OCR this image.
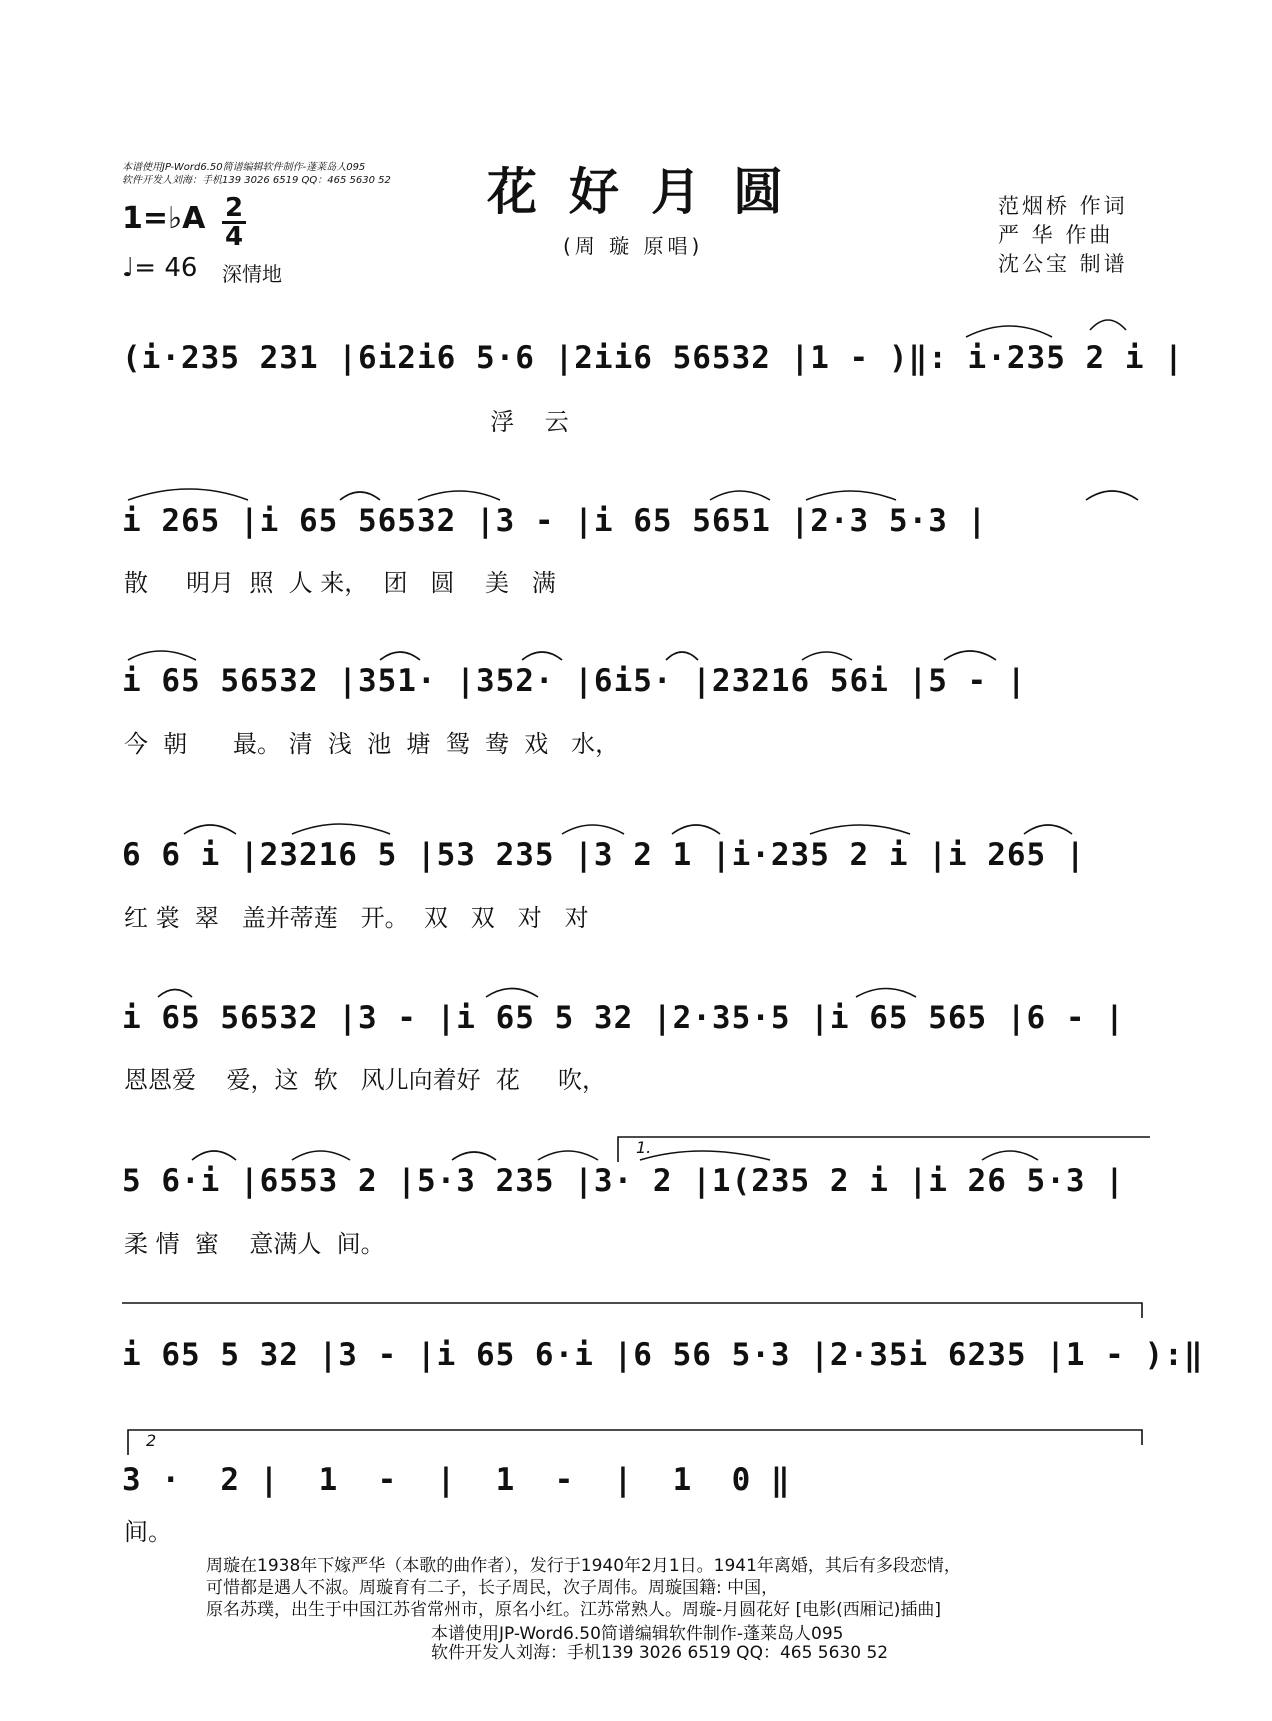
本谱使用JP-Word6.50简谱编辑软件制作-蓬莱岛人095
软件开发人刘海：手机139 3026 6519 QQ：465 5630 52 花好月圆
(周 璇 原唱)
1=♭A 2
4
♩= 46 深情地
范烟桥 作词
严 华 作曲
沈公宝 制谱
(i·235 231 |6i2i6 5·6 |2ii6 56532 |1 - )‖: i·235 2 i |
浮    云
i 265 |i 65 56532 |3 - |i 65 5651 |2·3 5·3 |
散     明月  照  人 来，  团   圆    美   满
i 65 56532 |351· |352· |6i5· |23216 56i |5 - |
今  朝      最。 清  浅  池  塘  鸳  鸯  戏   水，
6 6 i |23216 5 |53 235 |3 2 1 |i·235 2 i |i 265 |
红 裳  翠   盖并蒂莲   开。  双   双   对   对
i 65 56532 |3 - |i 65 5 32 |2·35·5 |i 65 565 |6 - |
恩恩爱    爱，这  软   风儿向着好  花     吹，
5 6·i |6553 2 |5·3 235 |3· 2 |1(235 2 i |i 26 5·3 |
柔 情  蜜    意满人  间。
1.
i 65 5 32 |3 - |i 65 6·i |6 56 5·3 |2·35i 6235 |1 - ):‖
3 ·  2 |  1  -  |  1  -  |  1  0 ‖
间。
2
周璇在1938年下嫁严华（本歌的曲作者），发行于1940年2月1日。1941年离婚，其后有多段恋情，
可惜都是遇人不淑。周璇育有二子，长子周民，次子周伟。周璇国籍: 中国，
原名苏璞，出生于中国江苏省常州市，原名小红。江苏常熟人。周璇-月圆花好 [电影(西厢记)插曲]
本谱使用JP-Word6.50简谱编辑软件制作-蓬莱岛人095
软件开发人刘海：手机139 3026 6519 QQ：465 5630 52
